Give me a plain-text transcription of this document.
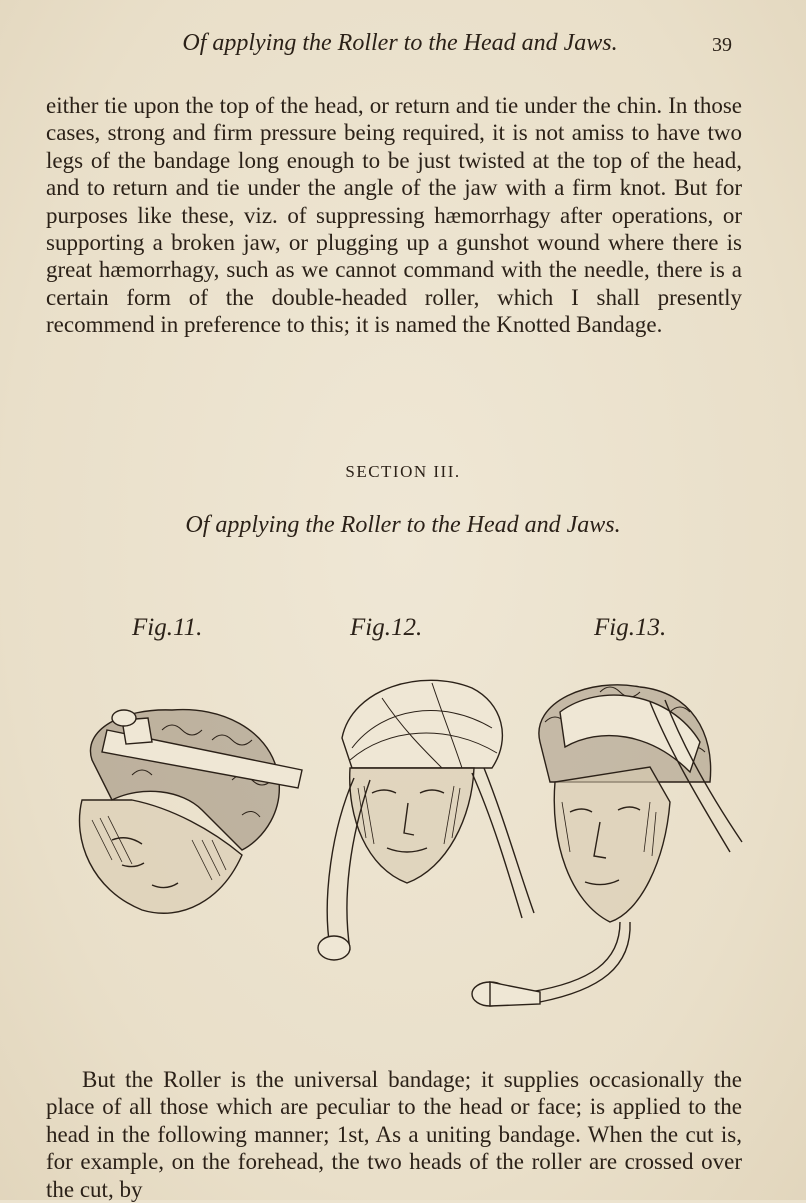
Of applying the Roller to the Head and Jaws.	39
either tie upon the top of the head, or return and tie under the chin. In those cases, strong and firm pressure being required, it is not amiss to have two legs of the bandage long enough to be just twisted at the top of the head, and to return and tie under the angle of the jaw with a firm knot. But for purposes like these, viz. of suppressing hæmorrhagy after operations, or supporting a broken jaw, or plugging up a gunshot wound where there is great hæmorrhagy, such as we cannot command with the needle, there is a certain form of the double-headed roller, which I shall presently recommend in preference to this; it is named the Knotted Bandage.
SECTION III.
Of applying the Roller to the Head and Jaws.
Fig.11.	Fig.12.	Fig.13.
But the Roller is the universal bandage; it supplies occasionally the place of all those which are peculiar to the head or face; is applied to the head in the following manner; 1st, As a uniting bandage. When the cut is, for example, on the forehead, the two heads of the roller are crossed over the cut, by
